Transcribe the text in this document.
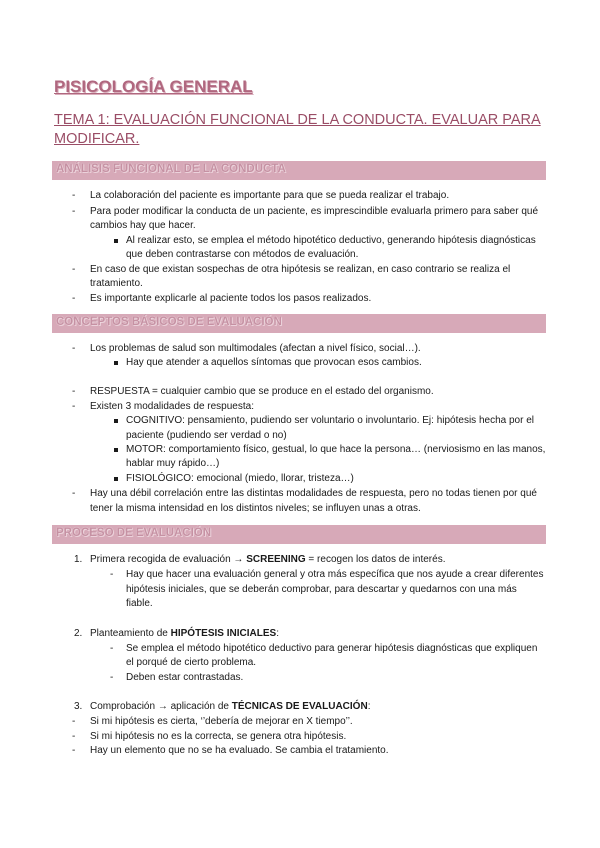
PISICOLOGÍA GENERAL
TEMA 1: EVALUACIÓN FUNCIONAL DE LA CONDUCTA. EVALUAR PARA MODIFICAR.
ANÁLISIS FUNCIONAL DE LA CONDUCTA
- La colaboración del paciente es importante para que se pueda realizar el trabajo.
- Para poder modificar la conducta de un paciente, es imprescindible evaluarla primero para saber qué
cambios hay que hacer.
Al realizar esto, se emplea el método hipotético deductivo, generando hipótesis diagnósticas
que deben contrastarse con métodos de evaluación.
- En caso de que existan sospechas de otra hipótesis se realizan, en caso contrario se realiza el
tratamiento.
- Es importante explicarle al paciente todos los pasos realizados.
CONCEPTOS BÁSICOS DE EVALUACIÓN
- Los problemas de salud son multimodales (afectan a nivel físico, social…).
Hay que atender a aquellos síntomas que provocan esos cambios.
- RESPUESTA = cualquier cambio que se produce en el estado del organismo.
- Existen 3 modalidades de respuesta:
COGNITIVO: pensamiento, pudiendo ser voluntario o involuntario. Ej: hipótesis hecha por el
paciente (pudiendo ser verdad o no)
MOTOR: comportamiento físico, gestual, lo que hace la persona… (nerviosismo en las manos,
hablar muy rápido…)
FISIOLÓGICO: emocional (miedo, llorar, tristeza…)
- Hay una débil correlación entre las distintas modalidades de respuesta, pero no todas tienen por qué
tener la misma intensidad en los distintos niveles; se influyen unas a otras.
PROCESO DE EVALUACIÓN
1. Primera recogida de evaluación → SCREENING = recogen los datos de interés.
- Hay que hacer una evaluación general y otra más específica que nos ayude a crear diferentes
hipótesis iniciales, que se deberán comprobar, para descartar y quedarnos con una más
fiable.
2. Planteamiento de HIPÓTESIS INICIALES:
- Se emplea el método hipotético deductivo para generar hipótesis diagnósticas que expliquen
el porqué de cierto problema.
- Deben estar contrastadas.
3. Comprobación → aplicación de TÉCNICAS DE EVALUACIÓN:
- Si mi hipótesis es cierta, ‘’debería de mejorar en X tiempo’’.
- Si mi hipótesis no es la correcta, se genera otra hipótesis.
- Hay un elemento que no se ha evaluado. Se cambia el tratamiento.
